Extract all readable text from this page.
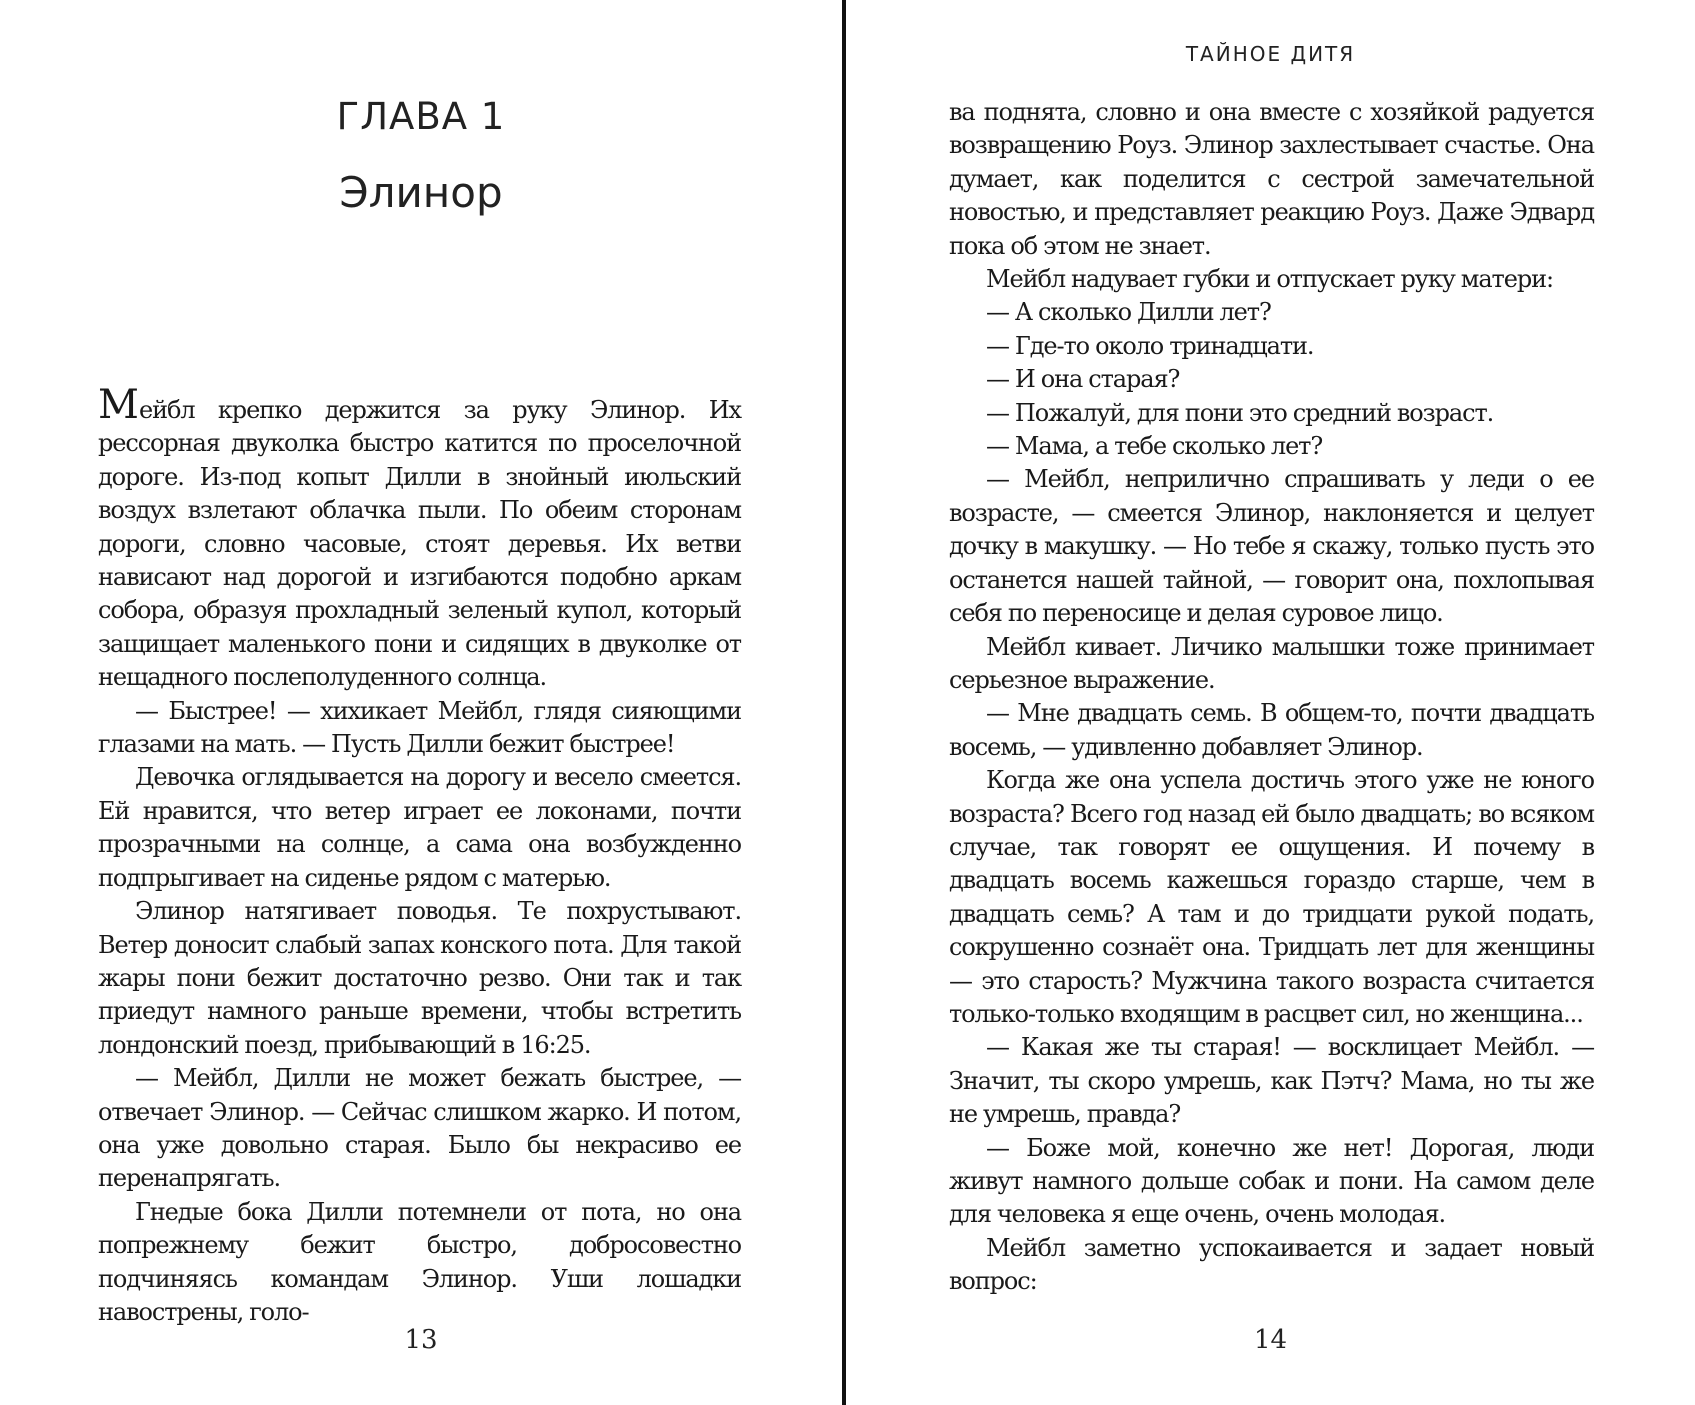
ГЛАВА 1
Элинор

Мейбл крепко держится за руку Элинор. Их рессорная двуколка быстро катится по проселочной дороге. Из-под копыт Дилли в знойный июльский воздух взлетают облачка пыли. По обеим сторонам дороги, словно часовые, стоят деревья. Их ветви нависают над дорогой и изгибаются подобно аркам собора, образуя прохладный зеленый купол, который защищает маленького пони и сидящих в двуколке от нещадного послеполуденного солнца.

— Быстрее! — хихикает Мейбл, глядя сияющими глазами на мать. — Пусть Дилли бежит быстрее!

Девочка оглядывается на дорогу и весело смеется. Ей нравится, что ветер играет ее локонами, почти прозрачными на солнце, а сама она возбужденно подпрыгивает на сиденье рядом с матерью.

Элинор натягивает поводья. Те похрустывают. Ветер доносит слабый запах конского пота. Для такой жары пони бежит достаточно резво. Они так и так приедут намного раньше времени, чтобы встретить лондонский поезд, прибывающий в 16:25.

— Мейбл, Дилли не может бежать быстрее, — отвечает Элинор. — Сейчас слишком жарко. И потом, она уже довольно старая. Было бы некрасиво ее перенапрягать.

Гнедые бока Дилли потемнели от пота, но она попрежнему бежит быстро, добросовестно подчиняясь командам Элинор. Уши лошадки навострены, голо-

13
ТАЙНОЕ ДИТЯ

ва поднята, словно и она вместе с хозяйкой радуется возвращению Роуз. Элинор захлестывает счастье. Она думает, как поделится с сестрой замечательной новостью, и представляет реакцию Роуз. Даже Эдвард пока об этом не знает.

Мейбл надувает губки и отпускает руку матери:

— А сколько Дилли лет?

— Где-то около тринадцати.

— И она старая?

— Пожалуй, для пони это средний возраст.

— Мама, а тебе сколько лет?

— Мейбл, неприлично спрашивать у леди о ее возрасте, — смеется Элинор, наклоняется и целует дочку в макушку. — Но тебе я скажу, только пусть это останется нашей тайной, — говорит она, похлопывая себя по переносице и делая суровое лицо.

Мейбл кивает. Личико малышки тоже принимает серьезное выражение.

— Мне двадцать семь. В общем-то, почти двадцать восемь, — удивленно добавляет Элинор.

Когда же она успела достичь этого уже не юного возраста? Всего год назад ей было двадцать; во всяком случае, так говорят ее ощущения. И почему в двадцать восемь кажешься гораздо старше, чем в двадцать семь? А там и до тридцати рукой подать, сокрушенно сознаёт она. Тридцать лет для женщины — это старость? Мужчина такого возраста считается только-только входящим в расцвет сил, но женщина...

— Какая же ты старая! — восклицает Мейбл. — Значит, ты скоро умрешь, как Пэтч? Мама, но ты же не умрешь, правда?

— Боже мой, конечно же нет! Дорогая, люди живут намного дольше собак и пони. На самом деле для человека я еще очень, очень молодая.

Мейбл заметно успокаивается и задает новый вопрос:

14
